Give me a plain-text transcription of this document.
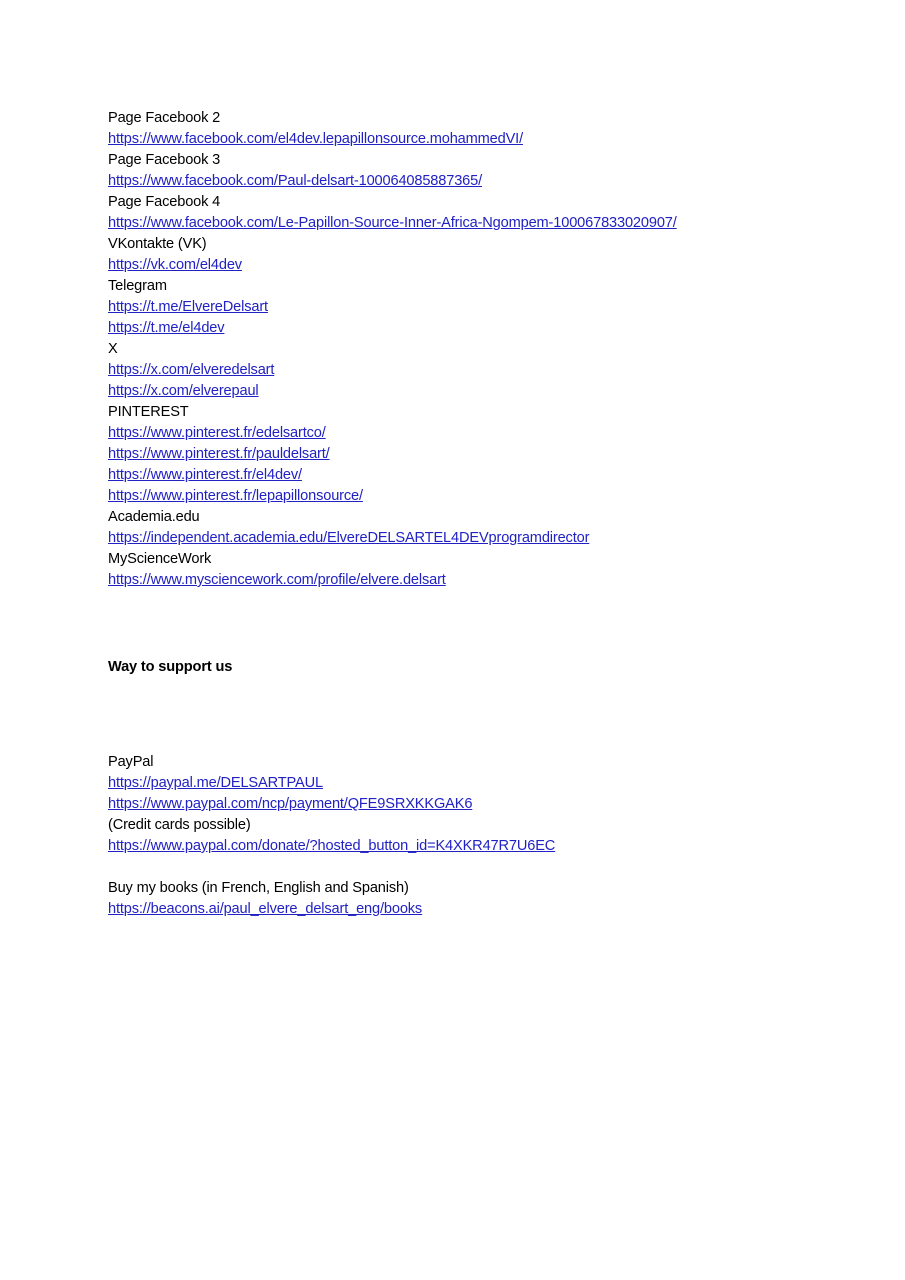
Page Facebook 2
https://www.facebook.com/el4dev.lepapillonsource.mohammedVI/
Page Facebook 3
https://www.facebook.com/Paul-delsart-100064085887365/
Page Facebook 4
https://www.facebook.com/Le-Papillon-Source-Inner-Africa-Ngompem-100067833020907/
VKontakte (VK)
https://vk.com/el4dev
Telegram
https://t.me/ElvereDelsart
https://t.me/el4dev
X
https://x.com/elveredelsart
https://x.com/elverepaul
PINTEREST
https://www.pinterest.fr/edelsartco/
https://www.pinterest.fr/pauldelsart/
https://www.pinterest.fr/el4dev/
https://www.pinterest.fr/lepapillonsource/
Academia.edu
https://independent.academia.edu/ElvereDELSARTEL4DEVprogramdirector
MyScienceWork
https://www.mysciencework.com/profile/elvere.delsart
Way to support us
PayPal
https://paypal.me/DELSARTPAUL
https://www.paypal.com/ncp/payment/QFE9SRXKKGAK6
(Credit cards possible)
https://www.paypal.com/donate/?hosted_button_id=K4XKR47R7U6EC
Buy my books (in French, English and Spanish)
https://beacons.ai/paul_elvere_delsart_eng/books
